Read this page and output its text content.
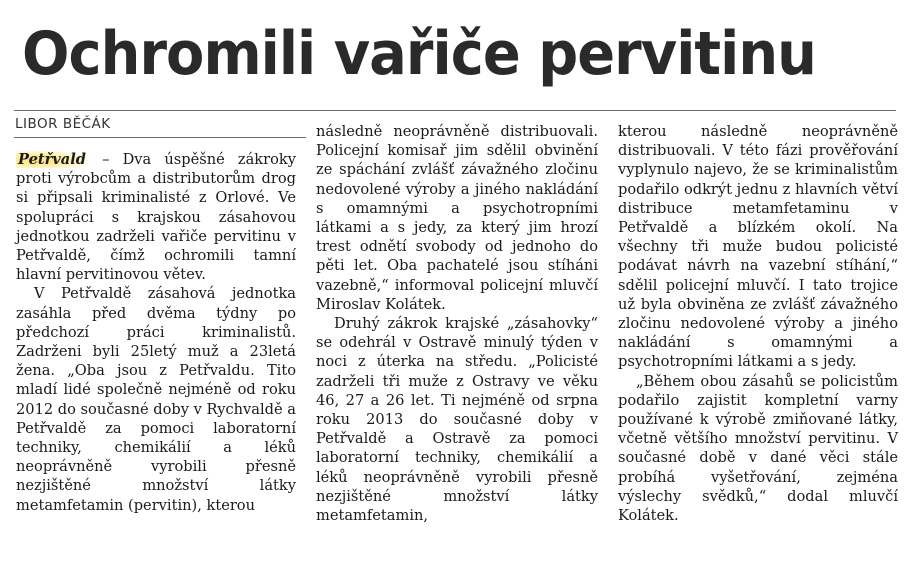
Ochromili vařiče pervitinu
LIBOR BĚČÁK

Petřvald – Dva úspěšné zákroky proti výrobcům a distributorům drog si připsali kriminalisté z Orlové. Ve spolupráci s krajskou zásahovou jednotkou zadrželi vařiče pervitinu v Petřvaldě, čímž ochromili tamní hlavní pervitinovou větev.

V Petřvaldě zásahová jednotka zasáhla před dvěma týdny po předchozí práci kriminalistů. Zadrženi byli 25letý muž a 23letá žena. „Oba jsou z Petřvaldu. Tito mladí lidé společně nejméně od roku 2012 do současné doby v Rychvaldě a Petřvaldě za pomoci laboratorní techniky, chemikálií a léků neoprávněně vyrobili přesně nezjištěné množství látky metamfetamin (pervitin), kterou

následně neoprávněně distribuovali. Policejní komisař jim sdělil obvinění ze spáchání zvlášť závažného zločinu nedovolené výroby a jiného nakládání s omamnými a psychotropními látkami a s jedy, za který jim hrozí trest odnětí svobody od jednoho do pěti let. Oba pachatelé jsou stíháni vazebně,“ informoval policejní mluvčí Miroslav Kolátek.

Druhý zákrok krajské „zásahovky“ se odehrál v Ostravě minulý týden v noci z úterka na středu. „Policisté zadrželi tři muže z Ostravy ve věku 46, 27 a 26 let. Ti nejméně od srpna roku 2013 do současné doby v Petřvaldě a Ostravě za pomoci laboratorní techniky, chemikálií a léků neoprávněně vyrobili přesně nezjištěné množství látky metamfetamin,

kterou následně neoprávněně distribuovali. V této fázi prověřování vyplynulo najevo, že se kriminalistům podařilo odkrýt jednu z hlavních větví distribuce metamfetaminu v Petřvaldě a blízkém okolí. Na všechny tři muže budou policisté podávat návrh na vazební stíhání,“ sdělil policejní mluvčí. I tato trojice už byla obviněna ze zvlášť závažného zločinu nedovolené výroby a jiného nakládání s omamnými a psychotropními látkami a s jedy.

„Během obou zásahů se policistům podařilo zajistit kompletní varny používané k výrobě zmiňované látky, včetně většího množství pervitinu. V současné době v dané věci stále probíhá vyšetřování, zejména výslechy svědků,“ dodal mluvčí Kolátek.
